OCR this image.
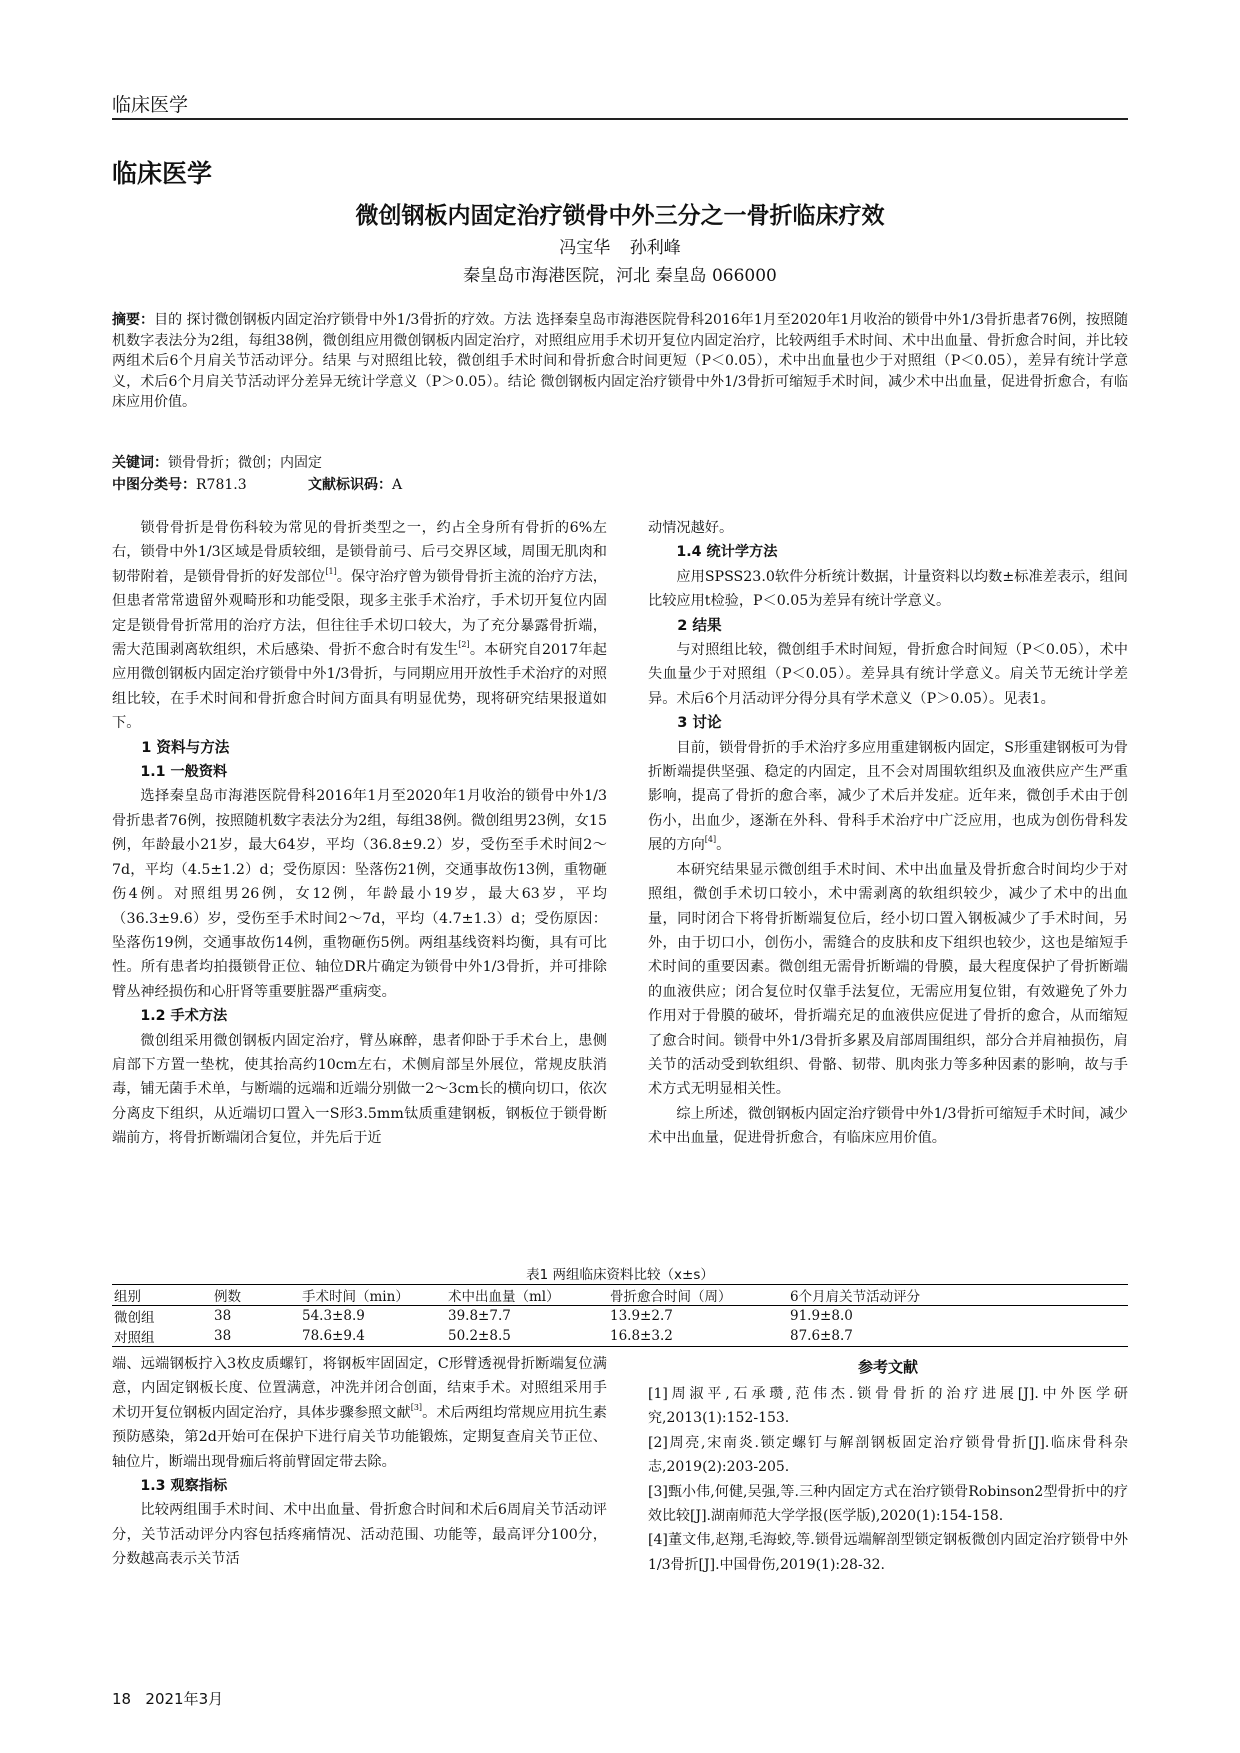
临床医学
临床医学
微创钢板内固定治疗锁骨中外三分之一骨折临床疗效
冯宝华 孙利峰
秦皇岛市海港医院，河北 秦皇岛 066000
摘要：目的 探讨微创钢板内固定治疗锁骨中外1/3骨折的疗效。方法 选择秦皇岛市海港医院骨科2016年1月至2020年1月收治的锁骨中外1/3骨折患者76例，按照随机数字表法分为2组，每组38例，微创组应用微创钢板内固定治疗，对照组应用手术切开复位内固定治疗，比较两组手术时间、术中出血量、骨折愈合时间，并比较两组术后6个月肩关节活动评分。结果 与对照组比较，微创组手术时间和骨折愈合时间更短（P＜0.05），术中出血量也少于对照组（P＜0.05），差异有统计学意义，术后6个月肩关节活动评分差异无统计学意义（P＞0.05）。结论 微创钢板内固定治疗锁骨中外1/3骨折可缩短手术时间，减少术中出血量，促进骨折愈合，有临床应用价值。
关键词：锁骨骨折；微创；内固定
中图分类号：R781.3	文献标识码：A

锁骨骨折是骨伤科较为常见的骨折类型之一，约占全身所有骨折的6%左右，锁骨中外1/3区域是骨质较细，是锁骨前弓、后弓交界区域，周围无肌肉和韧带附着，是锁骨骨折的好发部位[1]。保守治疗曾为锁骨骨折主流的治疗方法，但患者常常遗留外观畸形和功能受限，现多主张手术治疗，手术切开复位内固定是锁骨骨折常用的治疗方法，但往往手术切口较大，为了充分暴露骨折端，需大范围剥离软组织，术后感染、骨折不愈合时有发生[2]。本研究自2017年起应用微创钢板内固定治疗锁骨中外1/3骨折，与同期应用开放性手术治疗的对照组比较，在手术时间和骨折愈合时间方面具有明显优势，现将研究结果报道如下。

1 资料与方法
1.1 一般资料

选择秦皇岛市海港医院骨科2016年1月至2020年1月收治的锁骨中外1/3骨折患者76例，按照随机数字表法分为2组，每组38例。微创组男23例，女15例，年龄最小21岁，最大64岁，平均（36.8±9.2）岁，受伤至手术时间2～7d，平均（4.5±1.2）d；受伤原因：坠落伤21例，交通事故伤13例，重物砸伤4例。对照组男26例，女12例，年龄最小19岁，最大63岁，平均（36.3±9.6）岁，受伤至手术时间2～7d，平均（4.7±1.3）d；受伤原因：坠落伤19例，交通事故伤14例，重物砸伤5例。两组基线资料均衡，具有可比性。所有患者均拍摄锁骨正位、轴位DR片确定为锁骨中外1/3骨折，并可排除臂丛神经损伤和心肝肾等重要脏器严重病变。

1.2 手术方法

微创组采用微创钢板内固定治疗，臂丛麻醉，患者仰卧于手术台上，患侧肩部下方置一垫枕，使其抬高约10cm左右，术侧肩部呈外展位，常规皮肤消毒，铺无菌手术单，与断端的远端和近端分别做一2～3cm长的横向切口，依次分离皮下组织，从近端切口置入一S形3.5mm钛质重建钢板，钢板位于锁骨断端前方，将骨折断端闭合复位，并先后于近

动情况越好。

1.4 统计学方法

应用SPSS23.0软件分析统计数据，计量资料以均数±标准差表示，组间比较应用t检验，P＜0.05为差异有统计学意义。

2 结果

与对照组比较，微创组手术时间短，骨折愈合时间短（P＜0.05），术中失血量少于对照组（P＜0.05）。差异具有统计学意义。肩关节无统计学差异。术后6个月活动评分得分具有学术意义（P＞0.05）。见表1。

3 讨论

目前，锁骨骨折的手术治疗多应用重建钢板内固定，S形重建钢板可为骨折断端提供坚强、稳定的内固定，且不会对周围软组织及血液供应产生严重影响，提高了骨折的愈合率，减少了术后并发症。近年来，微创手术由于创伤小，出血少，逐渐在外科、骨科手术治疗中广泛应用，也成为创伤骨科发展的方向[4]。

本研究结果显示微创组手术时间、术中出血量及骨折愈合时间均少于对照组，微创手术切口较小，术中需剥离的软组织较少，减少了术中的出血量，同时闭合下将骨折断端复位后，经小切口置入钢板减少了手术时间，另外，由于切口小，创伤小，需缝合的皮肤和皮下组织也较少，这也是缩短手术时间的重要因素。微创组无需骨折断端的骨膜，最大程度保护了骨折断端的血液供应；闭合复位时仅靠手法复位，无需应用复位钳，有效避免了外力作用对于骨膜的破坏，骨折端充足的血液供应促进了骨折的愈合，从而缩短了愈合时间。锁骨中外1/3骨折多累及肩部周围组织，部分合并肩袖损伤，肩关节的活动受到软组织、骨骼、韧带、肌肉张力等多种因素的影响，故与手术方式无明显相关性。

综上所述，微创钢板内固定治疗锁骨中外1/3骨折可缩短手术时间，减少术中出血量，促进骨折愈合，有临床应用价值。

表1 两组临床资料比较（x±s）
组别	例数	手术时间（min）	术中出血量（ml）	骨折愈合时间（周）	6个月肩关节活动评分
微创组	38	54.3±8.9	39.8±7.7	13.9±2.7	91.9±8.0
对照组	38	78.6±9.4	50.2±8.5	16.8±3.2	87.6±8.7

端、远端钢板拧入3枚皮质螺钉，将钢板牢固固定，C形臂透视骨折断端复位满意，内固定钢板长度、位置满意，冲洗并闭合创面，结束手术。对照组采用手术切开复位钢板内固定治疗，具体步骤参照文献[3]。术后两组均常规应用抗生素预防感染，第2d开始可在保护下进行肩关节功能锻炼，定期复查肩关节正位、轴位片，断端出现骨痂后将前臂固定带去除。

1.3 观察指标

比较两组围手术时间、术中出血量、骨折愈合时间和术后6周肩关节活动评分，关节活动评分内容包括疼痛情况、活动范围、功能等，最高评分100分，分数越高表示关节活

参考文献

[1]周淑平,石承瓒,范伟杰.锁骨骨折的治疗进展[J].中外医学研究,2013(1):152-153.

[2]周亮,宋南炎.锁定螺钉与解剖钢板固定治疗锁骨骨折[J].临床骨科杂志,2019(2):203-205.

[3]甄小伟,何健,吴强,等.三种内固定方式在治疗锁骨Robinson2型骨折中的疗效比较[J].湖南师范大学学报(医学版),2020(1):154-158.

[4]董文伟,赵翔,毛海蛟,等.锁骨远端解剖型锁定钢板微创内固定治疗锁骨中外1/3骨折[J].中国骨伤,2019(1):28-32.

18 2021年3月
